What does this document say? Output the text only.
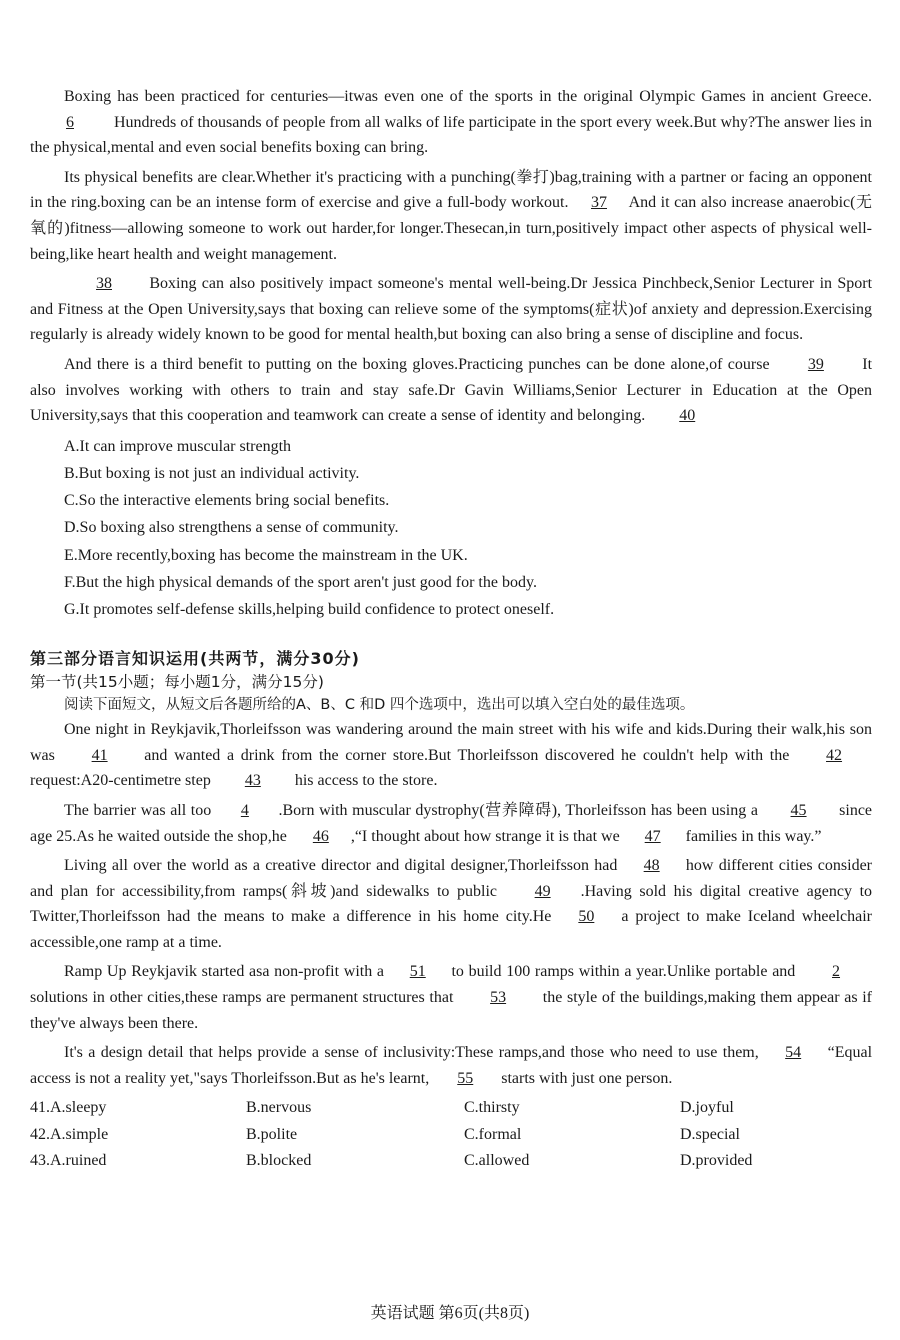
Boxing has been practiced for centuries—itwas even one of the sports in the original Olympic Games in ancient Greece. 6	Hundreds of thousands of people from all walks of life participate in the sport every week.But why?The answer lies in the physical,mental and even social benefits boxing can bring.

Its physical benefits are clear.Whether it's practicing with a punching(拳打)bag,training with a partner or facing an opponent in the ring.boxing can be an intense form of exercise and give a full-body workout. 37 And it can also increase anaerobic(无氧的)fitness—allowing someone to work out harder,for longer.Thesecan,in turn,positively impact other aspects of physical well-being,like heart health and weight management.

38 Boxing can also positively impact someone's mental well-being.Dr Jessica Pinchbeck,Senior Lecturer in Sport and Fitness at the Open University,says that boxing can relieve some of the symptoms(症状)of anxiety and depression.Exercising regularly is already widely known to be good for mental health,but boxing can also bring a sense of discipline and focus.

And there is a third benefit to putting on the boxing gloves.Practicing punches can be done alone,of course 39 It also involves working with others to train and stay safe.Dr Gavin Williams,Senior Lecturer in Education at the Open University,says that this cooperation and teamwork can create a sense of identity and belonging. 40

A.It can improve muscular strength

B.But boxing is not just an individual activity.

C.So the interactive elements bring social benefits.

D.So boxing also strengthens a sense of community.

E.More recently,boxing has become the mainstream in the UK.

F.But the high physical demands of the sport aren't just good for the body.

G.It promotes self-defense skills,helping build confidence to protect oneself.

第三部分语言知识运用(共两节，满分30分)

第一节(共15小题；每小题1分，满分15分)

阅读下面短文，从短文后各题所给的A、B、C 和D 四个选项中，选出可以填入空白处的最佳选项。

One night in Reykjavik,Thorleifsson was wandering around the main street with his wife and kids.During their walk,his son was 41 and wanted a drink from the corner store.But Thorleifsson discovered he couldn't help with the 42 request:A20-centimetre step 43 his access to the store.

The barrier was all too 4 .Born with muscular dystrophy(营养障碍), Thorleifsson has been using a 45 since age 25.As he waited outside the shop,he 46 ,“I thought about how strange it is that we 47 families in this way.”

Living all over the world as a creative director and digital designer,Thorleifsson had 48 how different cities consider and plan for accessibility,from ramps(斜坡)and sidewalks to public 49 .Having sold his digital creative agency to Twitter,Thorleifsson had the means to make a difference in his home city.He 50 a project to make Iceland wheelchair accessible,one ramp at a time.

Ramp Up Reykjavik started asa non-profit with a 51 to build 100 ramps within a year.Unlike portable and 2 solutions in other cities,these ramps are permanent structures that 53 the style of the buildings,making them appear as if they've always been there.

It's a design detail that helps provide a sense of inclusivity:These ramps,and those who need to use them, 54 “Equal access is not a reality yet,"says Thorleifsson.But as he's learnt, 55 starts with just one person.

41.A.sleepy	B.nervous	C.thirsty	D.joyful
42.A.simple	B.polite	C.formal	D.special
43.A.ruined	B.blocked	C.allowed	D.provided
英语试题 第6页(共8页)
